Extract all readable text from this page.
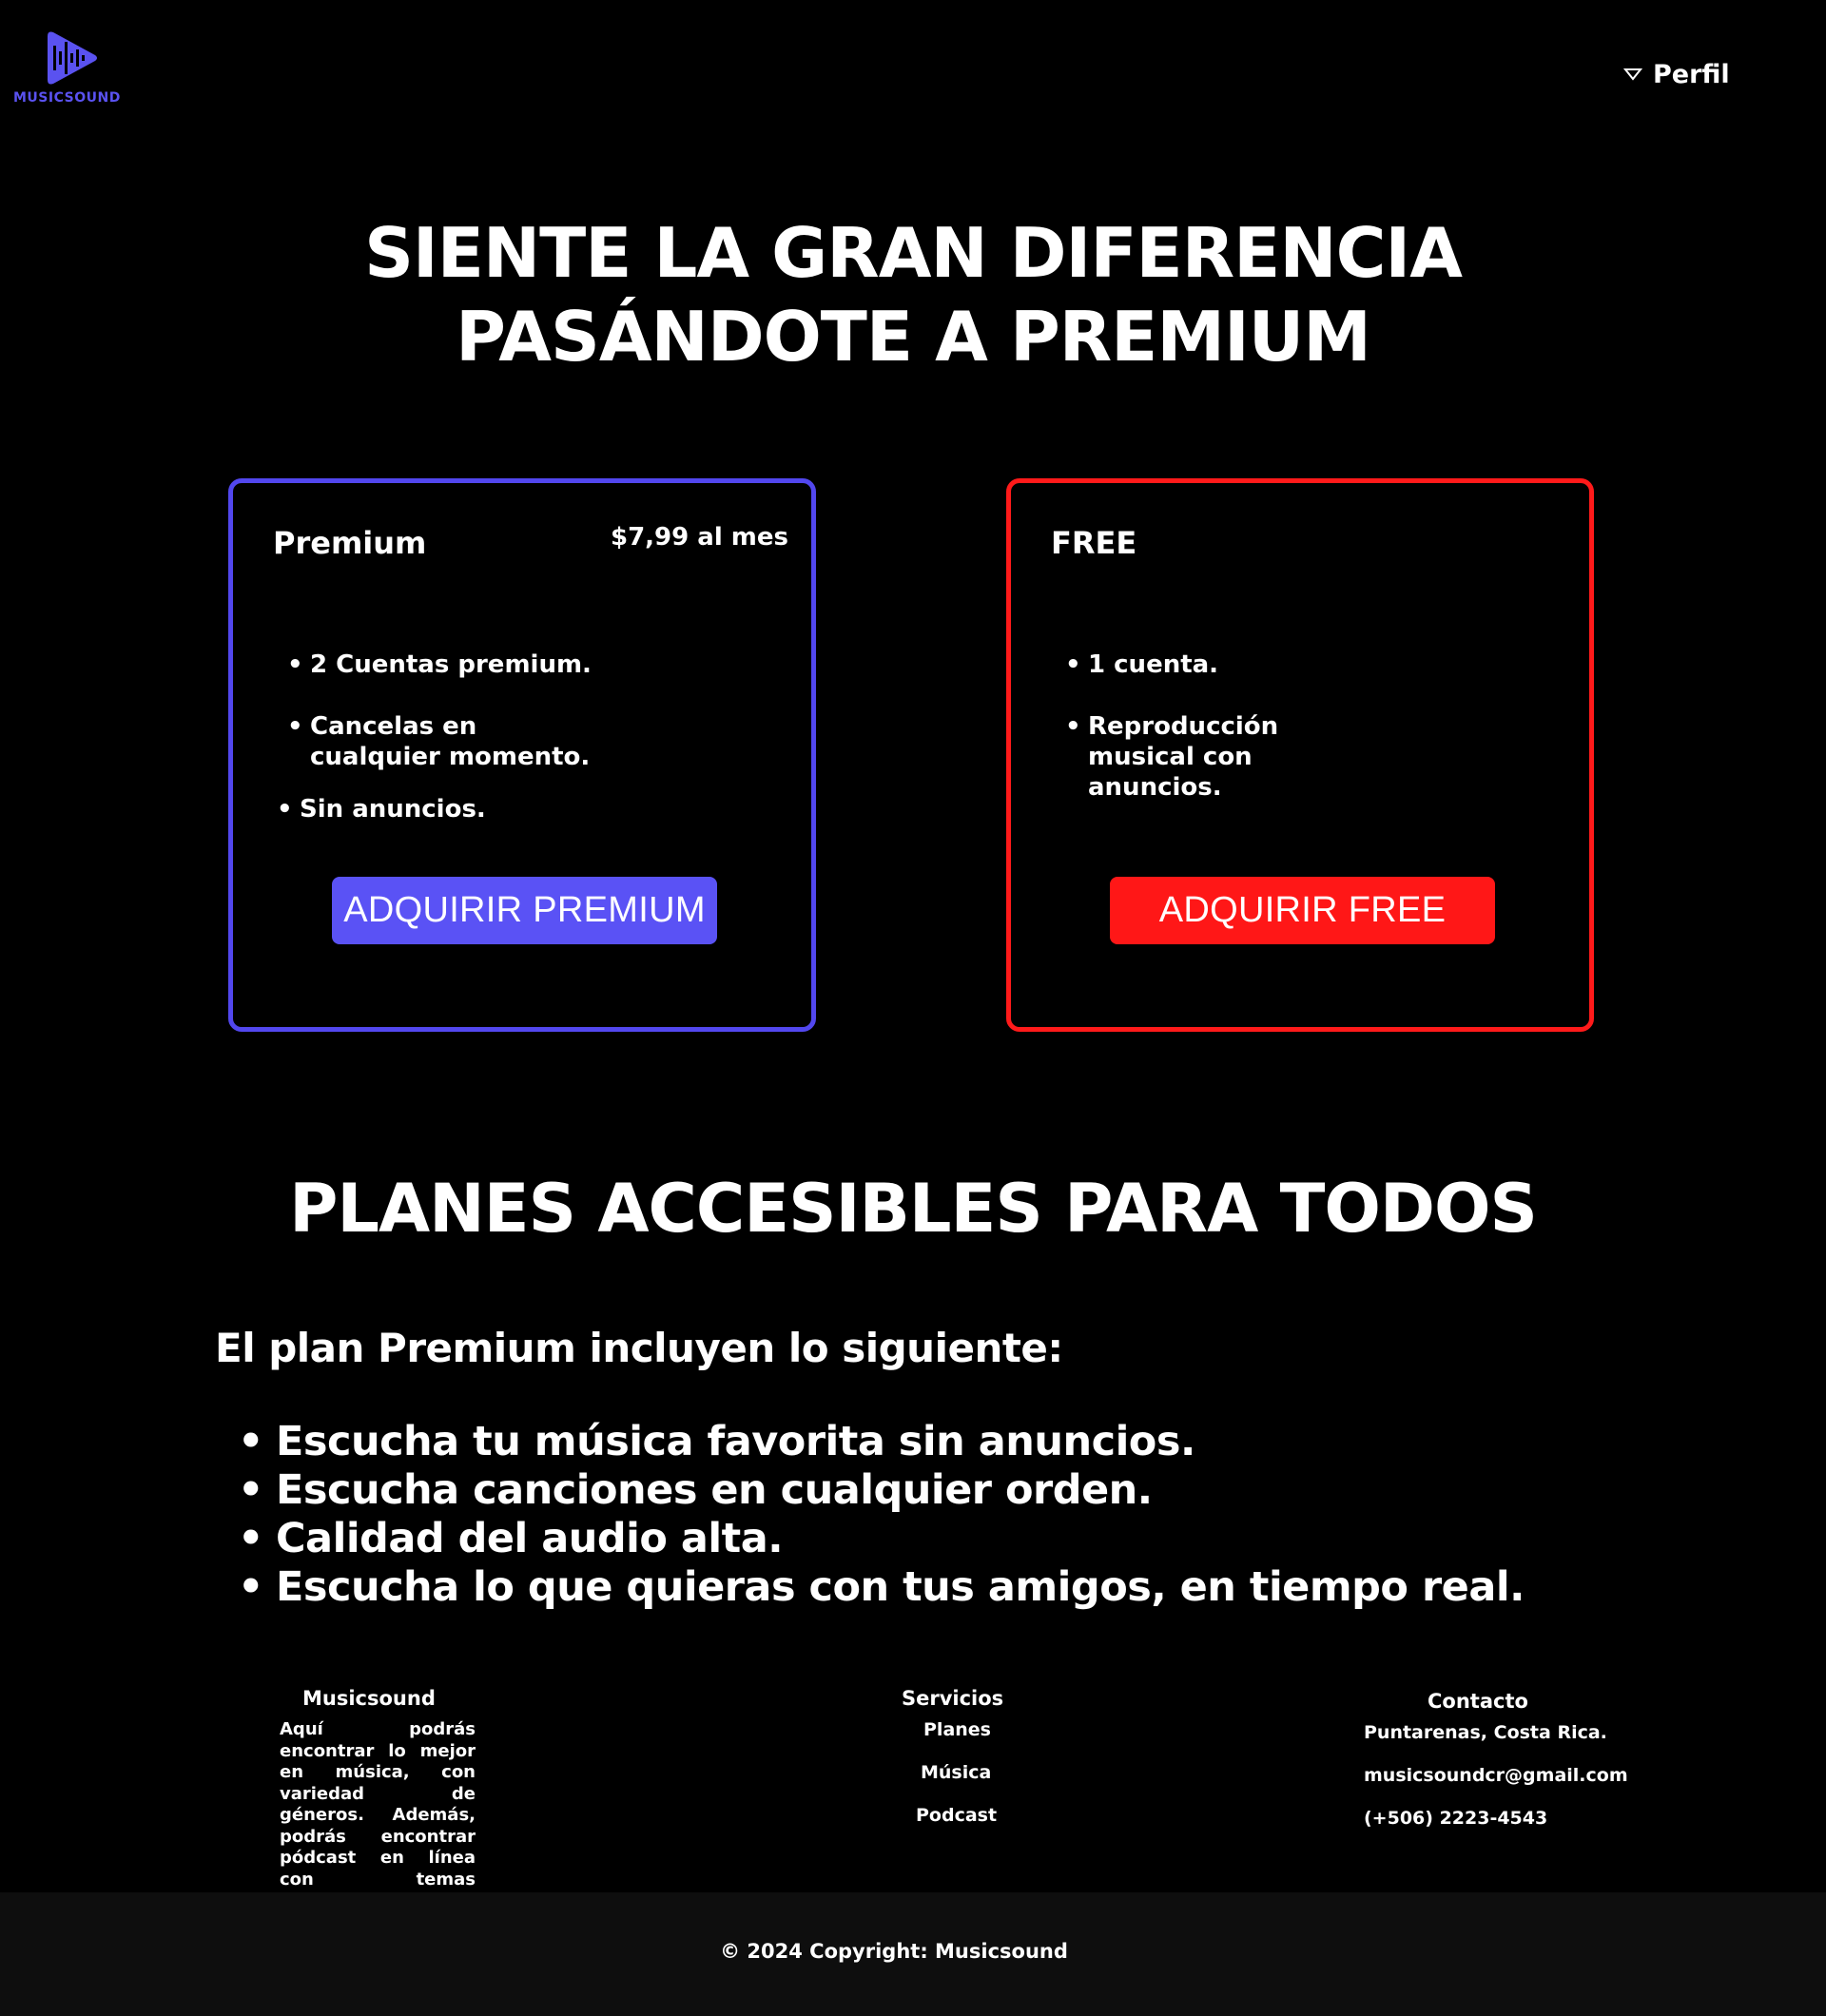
MUSICSOUND
Perfil
SIENTE LA GRAN DIFERENCIA
PASÁNDOTE A PREMIUM
Premium	$7,99 al mes
• 2 Cuentas premium.
• Cancelas en cualquier momento.
• Sin anuncios.
ADQUIRIR PREMIUM
FREE
• 1 cuenta.
• Reproducción musical con anuncios.
ADQUIRIR FREE
PLANES ACCESIBLES PARA TODOS
El plan Premium incluyen lo siguiente:
• Escucha tu música favorita sin anuncios.
• Escucha canciones en cualquier orden.
• Calidad del audio alta.
• Escucha lo que quieras con tus amigos, en tiempo real.
Musicsound
Aquí podrás encontrar lo mejor en música, con variedad de géneros. Además, podrás encontrar pódcast en línea con temas
Servicios
Planes
Música
Podcast
Contacto
Puntarenas, Costa Rica.
musicsoundcr@gmail.com
(+506) 2223-4543
© 2024 Copyright: Musicsound
